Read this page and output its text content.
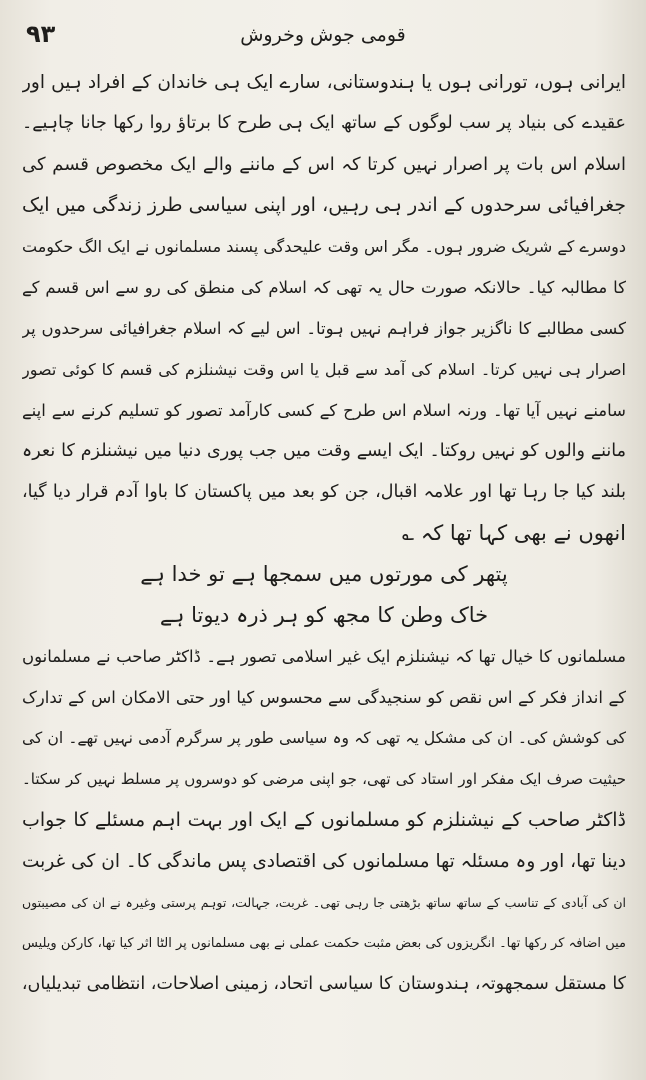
۹۳	قومی جوش وخروش
ایرانی ہوں، تورانی ہوں یا ہندوستانی، سارے ایک ہی خاندان کے افراد ہیں اور
عقیدے کی بنیاد پر سب لوگوں کے ساتھ ایک ہی طرح کا برتاؤ روا رکھا جانا چاہیے۔
اسلام اس بات پر اصرار نہیں کرتا کہ اس کے ماننے والے ایک مخصوص قسم کی
جغرافیائی سرحدوں کے اندر ہی رہیں، اور اپنی سیاسی طرز زندگی میں ایک
دوسرے کے شریک ضرور ہوں۔ مگر اس وقت علیحدگی پسند مسلمانوں نے ایک الگ حکومت
کا مطالبہ کیا۔ حالانکہ صورت حال یہ تھی کہ اسلام کی منطق کی رو سے اس قسم کے
کسی مطالبے کا ناگزیر جواز فراہم نہیں ہوتا۔ اس لیے کہ اسلام جغرافیائی سرحدوں پر
اصرار ہی نہیں کرتا۔ اسلام کی آمد سے قبل یا اس وقت نیشنلزم کی قسم کا کوئی تصور
سامنے نہیں آیا تھا۔ ورنہ اسلام اس طرح کے کسی کارآمد تصور کو تسلیم کرنے سے اپنے
ماننے والوں کو نہیں روکتا۔ ایک ایسے وقت میں جب پوری دنیا میں نیشنلزم کا نعرہ
بلند کیا جا رہا تھا اور علامہ اقبال، جن کو بعد میں پاکستان کا باوا آدم قرار دیا گیا،
انھوں نے بھی کہا تھا کہ ؎
پتھر کی مورتوں میں سمجھا ہے تو خدا ہے
خاک وطن کا مجھ کو ہر ذرہ دیوتا ہے
مسلمانوں کا خیال تھا کہ نیشنلزم ایک غیر اسلامی تصور ہے۔ ڈاکٹر صاحب نے مسلمانوں
کے انداز فکر کے اس نقص کو سنجیدگی سے محسوس کیا اور حتی الامکان اس کے تدارک
کی کوشش کی۔ ان کی مشکل یہ تھی کہ وہ سیاسی طور پر سرگرم آدمی نہیں تھے۔ ان کی
حیثیت صرف ایک مفکر اور استاد کی تھی، جو اپنی مرضی کو دوسروں پر مسلط نہیں کر سکتا۔
ڈاکٹر صاحب کے نیشنلزم کو مسلمانوں کے ایک اور بہت اہم مسئلے کا جواب
دینا تھا، اور وہ مسئلہ تھا مسلمانوں کی اقتصادی پس ماندگی کا۔ ان کی غربت
ان کی آبادی کے تناسب کے ساتھ ساتھ بڑھتی جا رہی تھی۔ غربت، جہالت، توہم پرستی وغیرہ نے ان کی مصیبتوں
میں اضافہ کر رکھا تھا۔ انگریزوں کی بعض مثبت حکمت عملی نے بھی مسلمانوں پر الٹا اثر کیا تھا، کارکن ویلیس
کا مستقل سمجھوتہ، ہندوستان کا سیاسی اتحاد، زمینی اصلاحات، انتظامی تبدیلیاں،
